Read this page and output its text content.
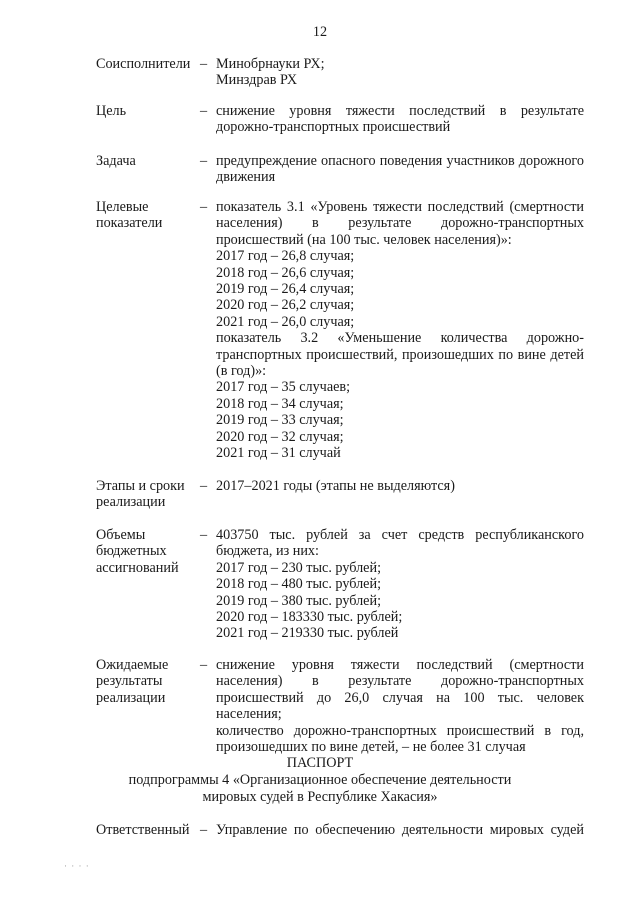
12
Соисполнители – Минобрнауки РХ;
Минздрав РХ
Цель	– снижение уровня тяжести последствий в результате
дорожно-транспортных происшествий
Задача	– предупреждение опасного поведения участников дорожного
движения
Целевые
показатели
– показатель 3.1 «Уровень тяжести последствий (смертности
населения) в результате дорожно-транспортных
происшествий (на 100 тыс. человек населения)»:
2017 год – 26,8 случая;
2018 год – 26,6 случая;
2019 год – 26,4 случая;
2020 год – 26,2 случая;
2021 год – 26,0 случая;
показатель 3.2 «Уменьшение количества дорожно-
транспортных происшествий, произошедших по вине детей
(в год)»:
2017 год – 35 случаев;
2018 год – 34 случая;
2019 год – 33 случая;
2020 год – 32 случая;
2021 год – 31 случай
Этапы и сроки
реализации
– 2017–2021 годы (этапы не выделяются)
Объемы
бюджетных
ассигнований
– 403750 тыс. рублей за счет средств республиканского
бюджета, из них:
2017 год – 230 тыс. рублей;
2018 год – 480 тыс. рублей;
2019 год – 380 тыс. рублей;
2020 год – 183330 тыс. рублей;
2021 год – 219330 тыс. рублей
Ожидаемые
результаты
реализации
– снижение уровня тяжести последствий (смертности
населения) в результате дорожно-транспортных
происшествий до 26,0 случая на 100 тыс. человек населения;
количество дорожно-транспортных происшествий в год,
произошедших по вине детей, – не более 31 случая
ПАСПОРТ
подпрограммы 4 «Организационное обеспечение деятельности
мировых судей в Республике Хакасия»
Ответственный – Управление по обеспечению деятельности мировых судей
· · · ·
